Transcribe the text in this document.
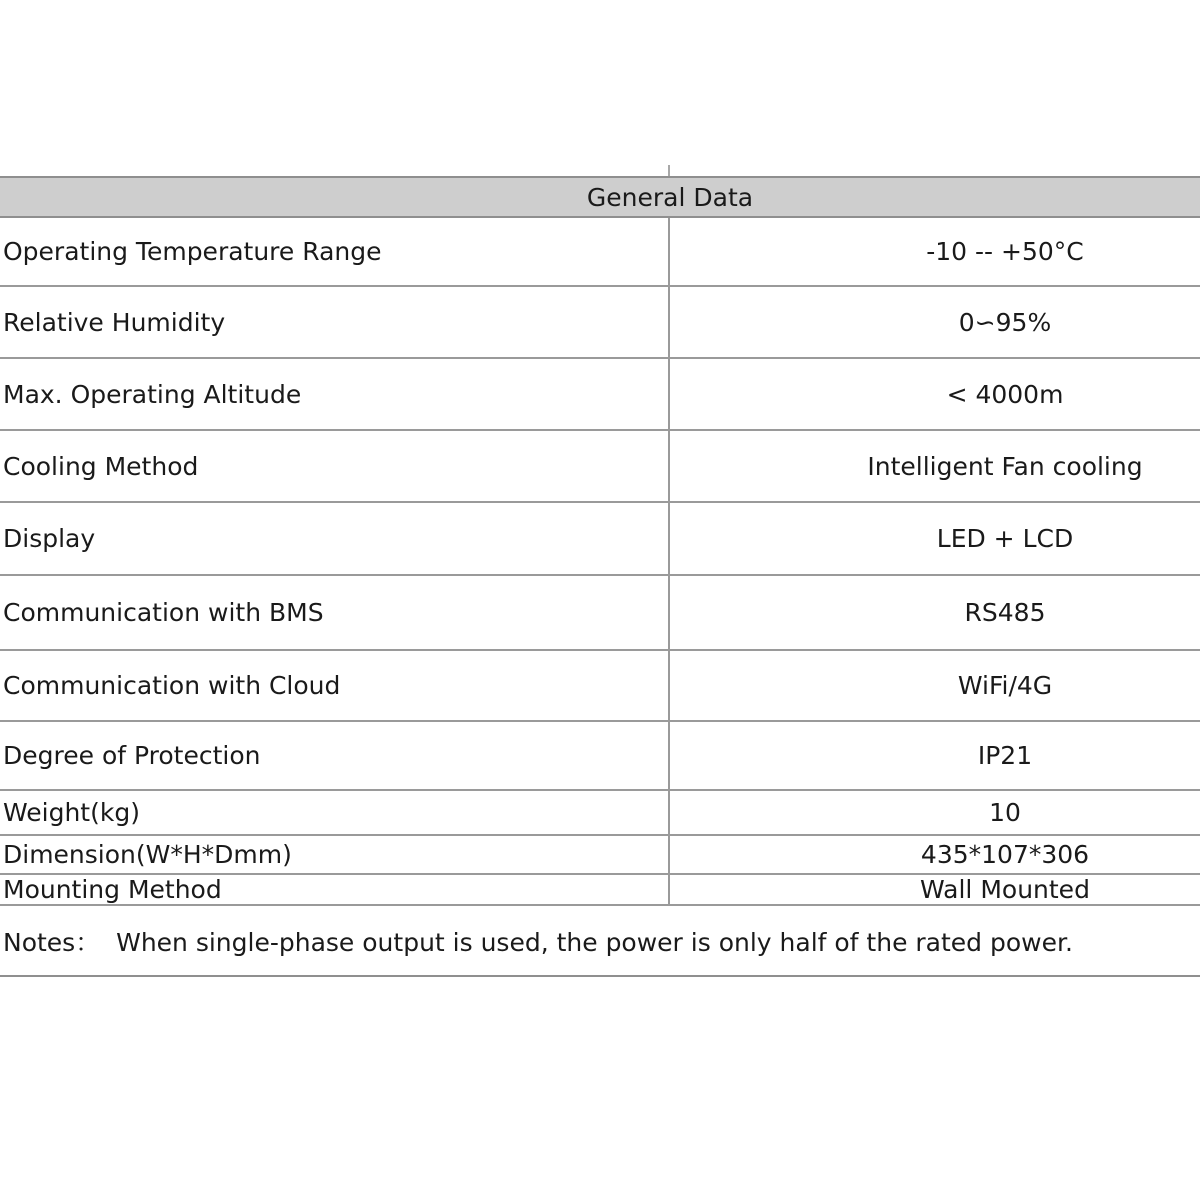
General Data
Operating Temperature Range	-10 -- +50°C
Relative Humidity	0∽95%
Max. Operating Altitude	< 4000m
Cooling Method	Intelligent Fan cooling
Display	LED + LCD
Communication with BMS	RS485
Communication with Cloud	WiFi/4G
Degree of Protection	IP21
Weight(kg)	10
Dimension(W*H*Dmm)	435*107*306
Mounting Method	Wall Mounted
Notes：  When single-phase output is used, the power is only half of the rated power.
